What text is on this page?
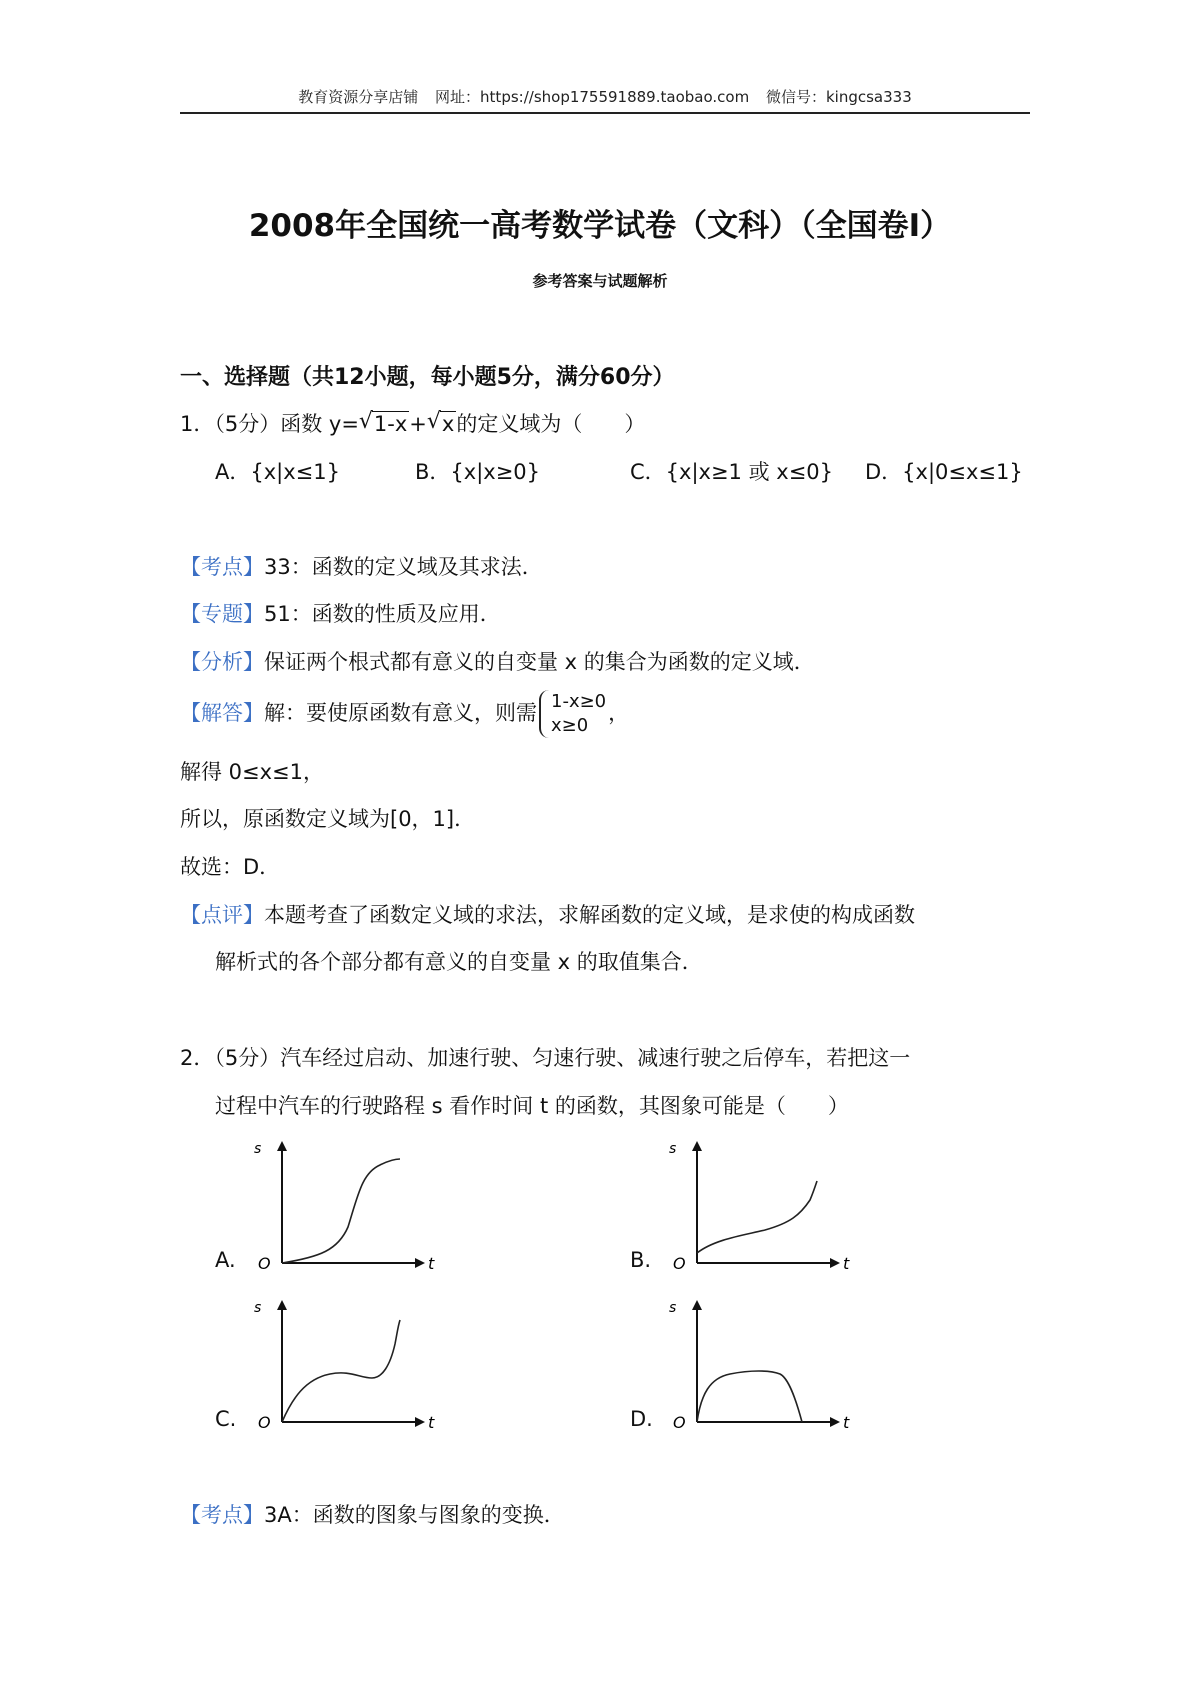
教育资源分享店铺 网址：https://shop175591889.taobao.com 微信号：kingcsa333
2008年全国统一高考数学试卷（文科）（全国卷Ⅰ）
参考答案与试题解析
一、选择题（共12小题，每小题5分，满分60分）
1．（5分）函数 y= √ 1-x+ √ x的定义域为（　　）
A．{x|x≤1}	B．{x|x≥0}	C．{x|x≥1 或 x≤0} D．{x|0≤x≤1}
【考点】33：函数的定义域及其求法．
【专题】51：函数的性质及应用．
【分析】保证两个根式都有意义的自变量 x 的集合为函数的定义域．
【解答】解：要使原函数有意义，则需 1-x≥0
x≥0
，
解得 0≤x≤1，
所以，原函数定义域为[0，1]．
故选：D．
【点评】本题考查了函数定义域的求法，求解函数的定义域，是求使的构成函数
解析式的各个部分都有意义的自变量 x 的取值集合．
2．（5分）汽车经过启动、加速行驶、匀速行驶、减速行驶之后停车，若把这一
过程中汽车的行驶路程 s 看作时间 t 的函数，其图象可能是（　　）
A.
s
O	t	B.
s
O	t
C.
s
O	t	D.
s
O	t
【考点】3A：函数的图象与图象的变换．
